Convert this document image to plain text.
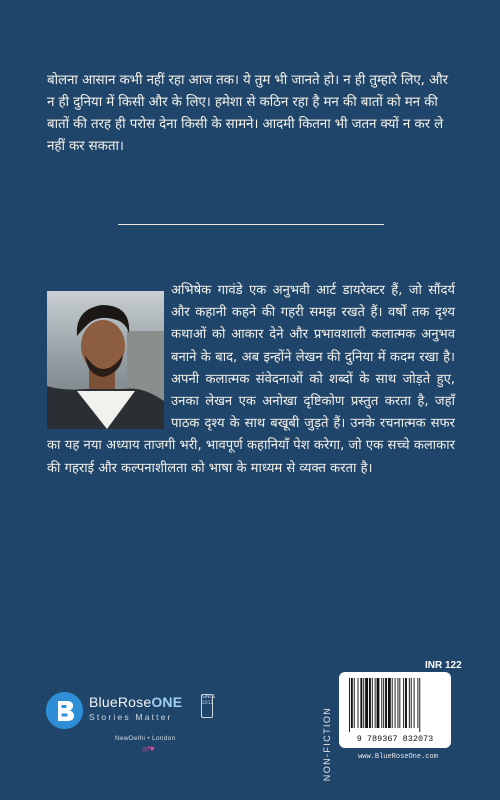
बोलना आसान कभी नहीं रहा आज तक। ये तुम भी जानते हो। न ही तुम्हारे लिए, और न ही दुनिया में किसी और के लिए। हमेशा से कठिन रहा है मन की बातों को मन की बातों की तरह ही परोस देना किसी के सामने। आदमी कितना भी जतन क्यों न कर ले नहीं कर सकता।

अभिषेक गावंडे एक अनुभवी आर्ट डायरेक्टर हैं, जो सौंदर्य और कहानी कहने की गहरी समझ रखते हैं। वर्षों तक दृश्य कथाओं को आकार देने और प्रभावशाली कलात्मक अनुभव बनाने के बाद, अब इन्होंने लेखन की दुनिया में कदम रखा है। अपनी कलात्मक संवेदनाओं को शब्दों के साथ जोड़ते हुए, उनका लेखन एक अनोखा दृष्टिकोण प्रस्तुत करता है, जहाँ पाठक दृश्य के साथ बखूबी जुड़ते हैं। उनके रचनात्मक सफर का यह नया अध्याय ताजगी भरी, भावपूर्ण कहानियाँ पेश करेगा, जो एक सच्चे कलाकार की गहराई और कल्पनाशीलता को भाषा के माध्यम से व्यक्त करता है।

BlueRoseONE
Stories Matter
SINCE 2012
NewDelhi • London
◎f♥
INR 122
NON-FICTION	9 789367 832073
www.BlueRoseOne.com
